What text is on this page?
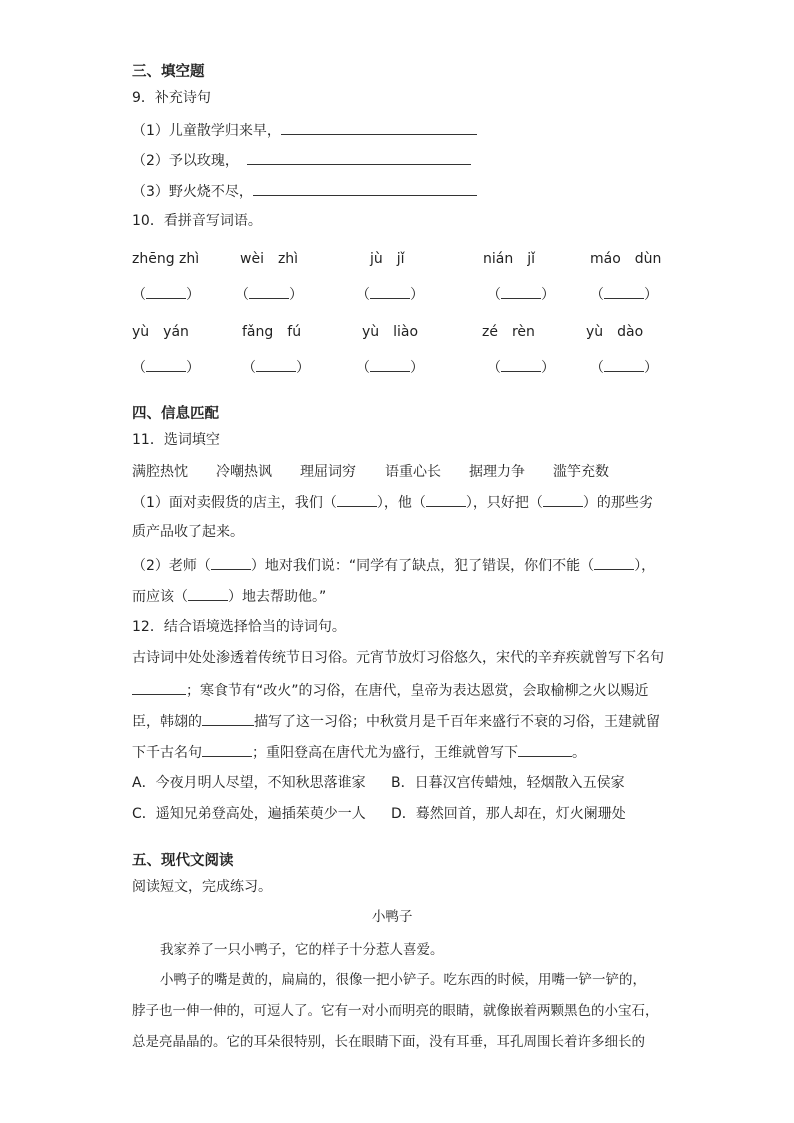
三、填空题
9．补充诗句
（1）儿童散学归来早，
（2）予以玫瑰，
（3）野火烧不尽，
10．看拼音写词语。
zhēng zhì	wèi　zhì	jù　jǐ	nián　jǐ	máo　dùn
（	）	（	）	（	）	（	）	（	）
yù　yán	fǎng　fú	yù　liào	zé　rèn	yù　dào
（	）	（	）	（	）	（	）	（	）
四、信息匹配
11．选词填空
满腔热忱 冷嘲热讽 理屈词穷 语重心长 据理力争 滥竽充数
（1）面对卖假货的店主，我们（	），他（	），只好把（	）的那些劣
质产品收了起来。
（2）老师（	）地对我们说：“同学有了缺点，犯了错误，你们不能（	），
而应该（	）地去帮助他。”
12．结合语境选择恰当的诗词句。
古诗词中处处渗透着传统节日习俗。元宵节放灯习俗悠久，宋代的辛弃疾就曾写下名句
；寒食节有“改火”的习俗，在唐代，皇帝为表达恩赏，会取榆柳之火以赐近
臣，韩翃的	描写了这一习俗；中秋赏月是千百年来盛行不衰的习俗，王建就留
下千古名句	；重阳登高在唐代尤为盛行，王维就曾写下	。
A．今夜月明人尽望，不知秋思落谁家 B．日暮汉宫传蜡烛，轻烟散入五侯家
C．遥知兄弟登高处，遍插茱萸少一人 D．蓦然回首，那人却在，灯火阑珊处
五、现代文阅读
阅读短文，完成练习。
小鸭子
我家养了一只小鸭子，它的样子十分惹人喜爱。
小鸭子的嘴是黄的，扁扁的，很像一把小铲子。吃东西的时候，用嘴一铲一铲的，
脖子也一伸一伸的，可逗人了。它有一对小而明亮的眼睛，就像嵌着两颗黑色的小宝石，
总是亮晶晶的。它的耳朵很特别，长在眼睛下面，没有耳垂，耳孔周围长着许多细长的
